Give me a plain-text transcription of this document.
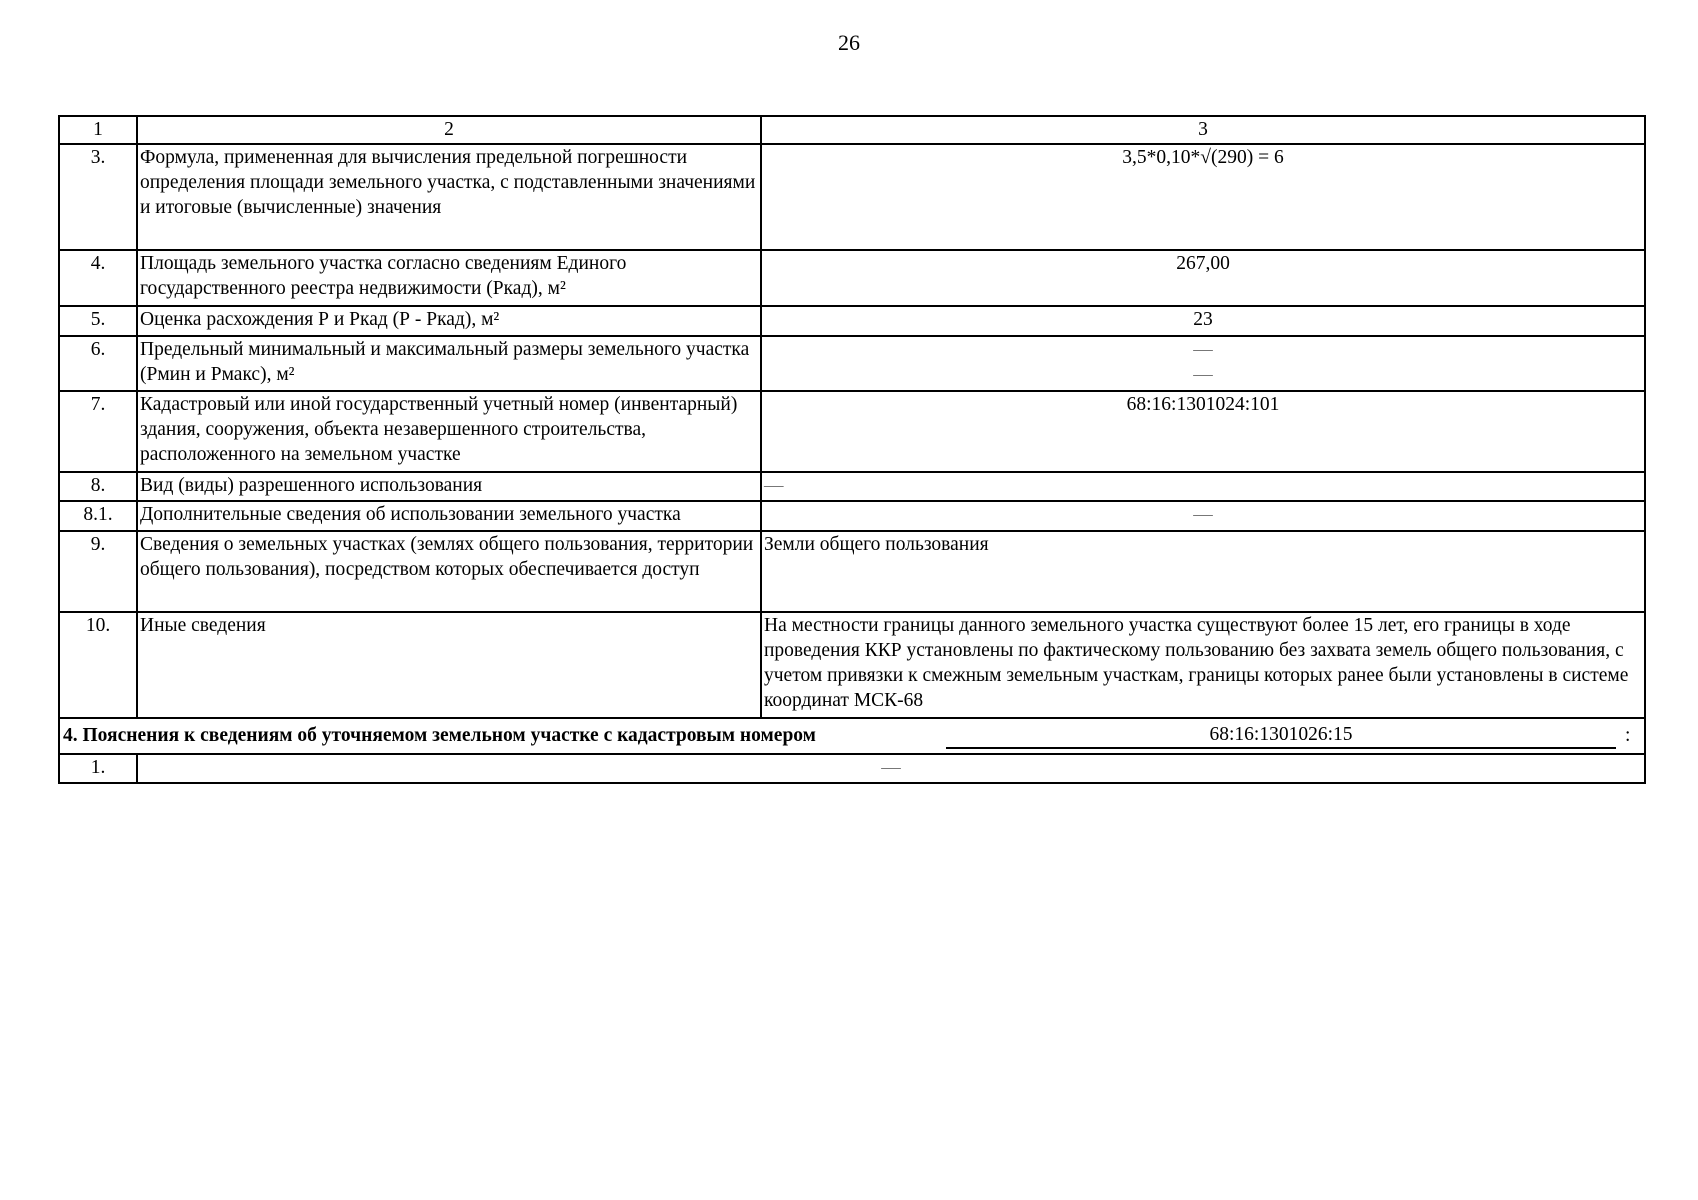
26
1	2	3
3.	Формула, примененная для вычисления предельной погрешности определения площади земельного участка, с подставленными значениями и итоговые (вычисленные) значения	3,5*0,10*√(290) = 6
4.	Площадь земельного участка согласно сведениям Единого государственного реестра недвижимости (Ркад), м²	267,00
5.	Оценка расхождения Р и Ркад (Р - Ркад), м²	23
6.	Предельный минимальный и максимальный размеры земельного участка (Рмин и Рмакс), м²	—
—

7.	Кадастровый или иной государственный учетный номер (инвентарный) здания, сооружения, объекта незавершенного строительства, расположенного на земельном участке	68:16:1301024:101
8.	Вид (виды) разрешенного использования	—
8.1.	Дополнительные сведения об использовании земельного участка	—
9.	Сведения о земельных участках (землях общего пользования, территории общего пользования), посредством которых обеспечивается доступ	Земли общего пользования
10.	Иные сведения	На местности границы данного земельного участка существуют более 15 лет, его границы в ходе проведения ККР установлены по фактическому пользованию без захвата земель общего пользования, с учетом привязки к смежным земельным участкам, границы которых ранее были установлены в системе координат МСК-68

4. Пояснения к сведениям об уточняемом земельном участке с кадастровым номером 68:16:1301026:15 :		

1.	—	
